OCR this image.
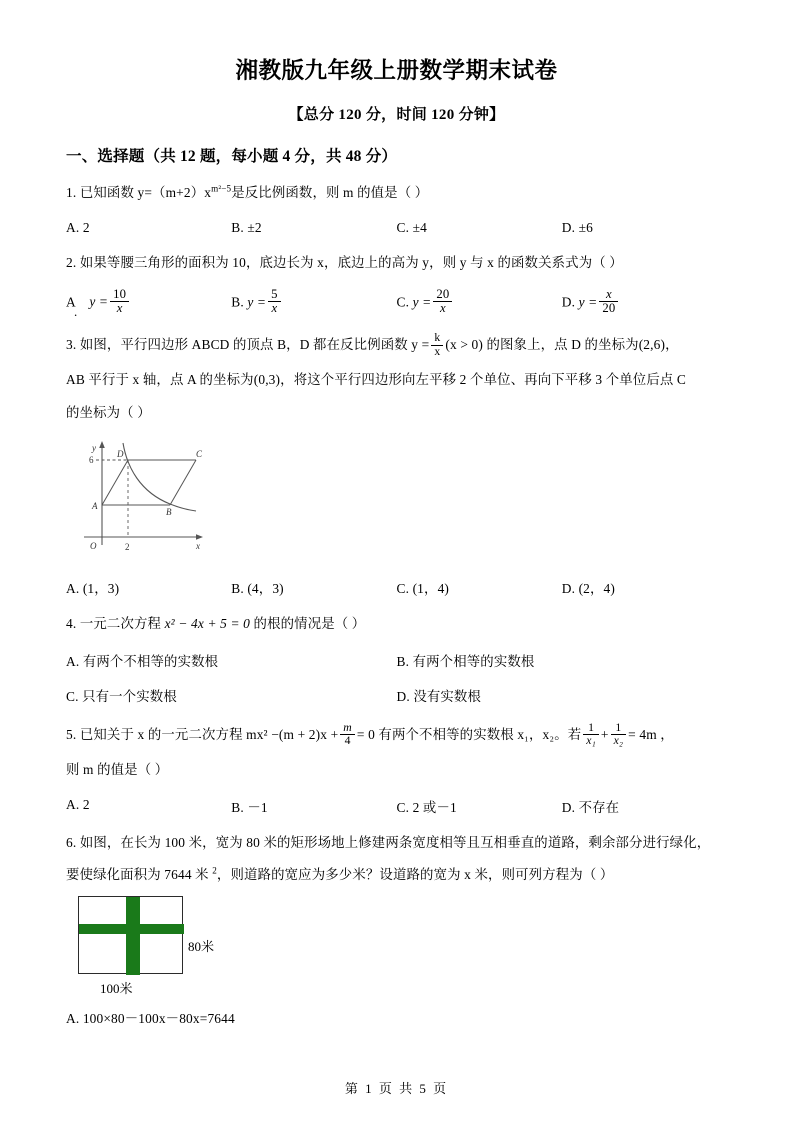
湘教版九年级上册数学期末试卷
【总分 120 分，时间 120 分钟】
一、选择题（共 12 题，每小题 4 分，共 48 分）
1. 已知函数 $y=(m+2)x^{m^2-5}$是反比例函数，则 m 的值是（ ）
A. 2	B. ±2	C. ±4	D. ±6
2. 如果等腰三角形的面积为 10，底边长为 x，底边上的高为 y，则 y 与 x 的函数关系式为（ ）
A
.
$y = \frac{10}{x}$	B. $y = \frac{5}{x}$	C. $y = \frac{20}{x}$	D. $y = \frac{x}{20}$
3. 如图，平行四边形 ABCD 的顶点 B，D 都在反比例函数 $y = \frac{k}{x} (x > 0)$ 的图象上，点 D 的坐标为(2,6)，
AB 平行于 x 轴，点 A 的坐标为(0,3)，将这个平行四边形向左平移 2 个单位、再向下平移 3 个单位后点 C
的坐标为（ ）
y
x
O
6
2
A
B
C
D
A. (1，3)	B. (4，3)	C. (1，4)	D. (2，4)
4. 一元二次方程 x² − 4x + 5 = 0 的根的情况是（ ）
A. 有两个不相等的实数根	B. 有两个相等的实数根
C. 只有一个实数根	D. 没有实数根
5. 已知关于 x 的一元二次方程 $mx^2 -(m + 2)x + \frac{m}{4} = 0$ 有两个不相等的实数根 x₁，x₂。若 $\frac{1}{\text{x₁}} + \frac{1}{\text{x₂}} = 4m$ ，
则 m 的值是（ ）
A. 2	B. －1	C. 2 或－1	D. 不存在
6. 如图，在长为 100 米，宽为 80 米的矩形场地上修建两条宽度相等且互相垂直的道路，剩余部分进行绿化，
要使绿化面积为 7644 米 $^2$，则道路的宽应为多少米？设道路的宽为 x 米，则可列方程为（ ）
80米
100米
A. 100×80－100x－80x=7644
第 1 页 共 5 页
